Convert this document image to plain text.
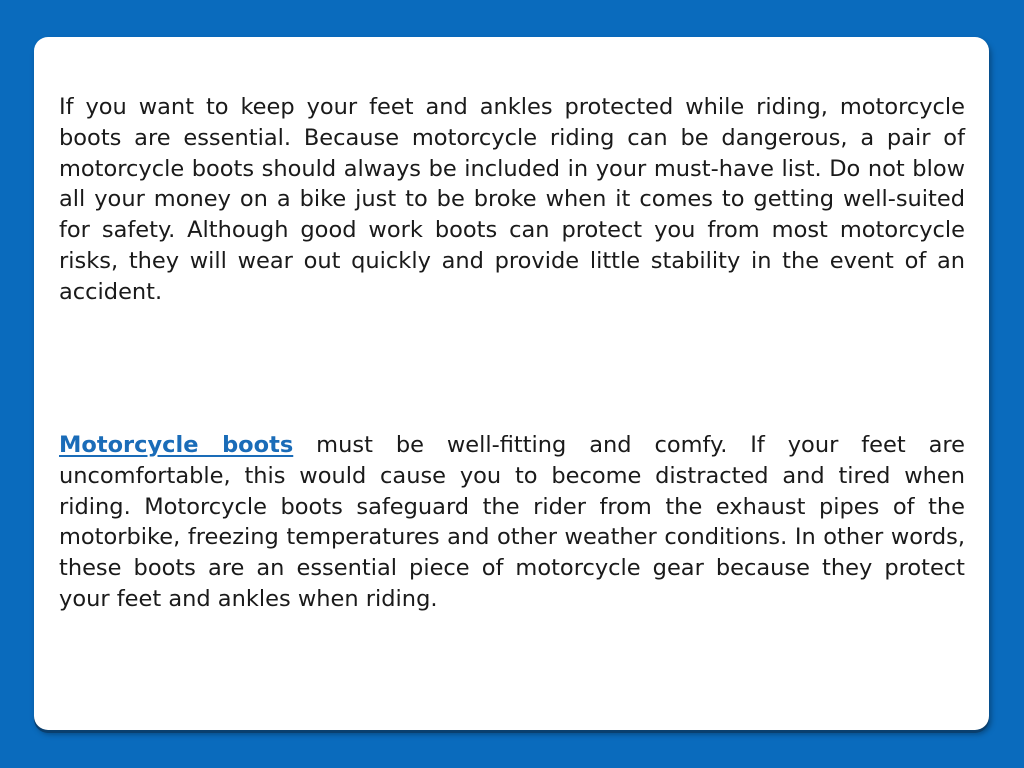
If you want to keep your feet and ankles protected while riding, motorcycle boots are essential. Because motorcycle riding can be dangerous, a pair of motorcycle boots should always be included in your must-have list. Do not blow all your money on a bike just to be broke when it comes to getting well-suited for safety. Although good work boots can protect you from most motorcycle risks, they will wear out quickly and provide little stability in the event of an accident.

Motorcycle boots must be well-fitting and comfy. If your feet are uncomfortable, this would cause you to become distracted and tired when riding. Motorcycle boots safeguard the rider from the exhaust pipes of the motorbike, freezing temperatures and other weather conditions. In other words, these boots are an essential piece of motorcycle gear because they protect your feet and ankles when riding.
